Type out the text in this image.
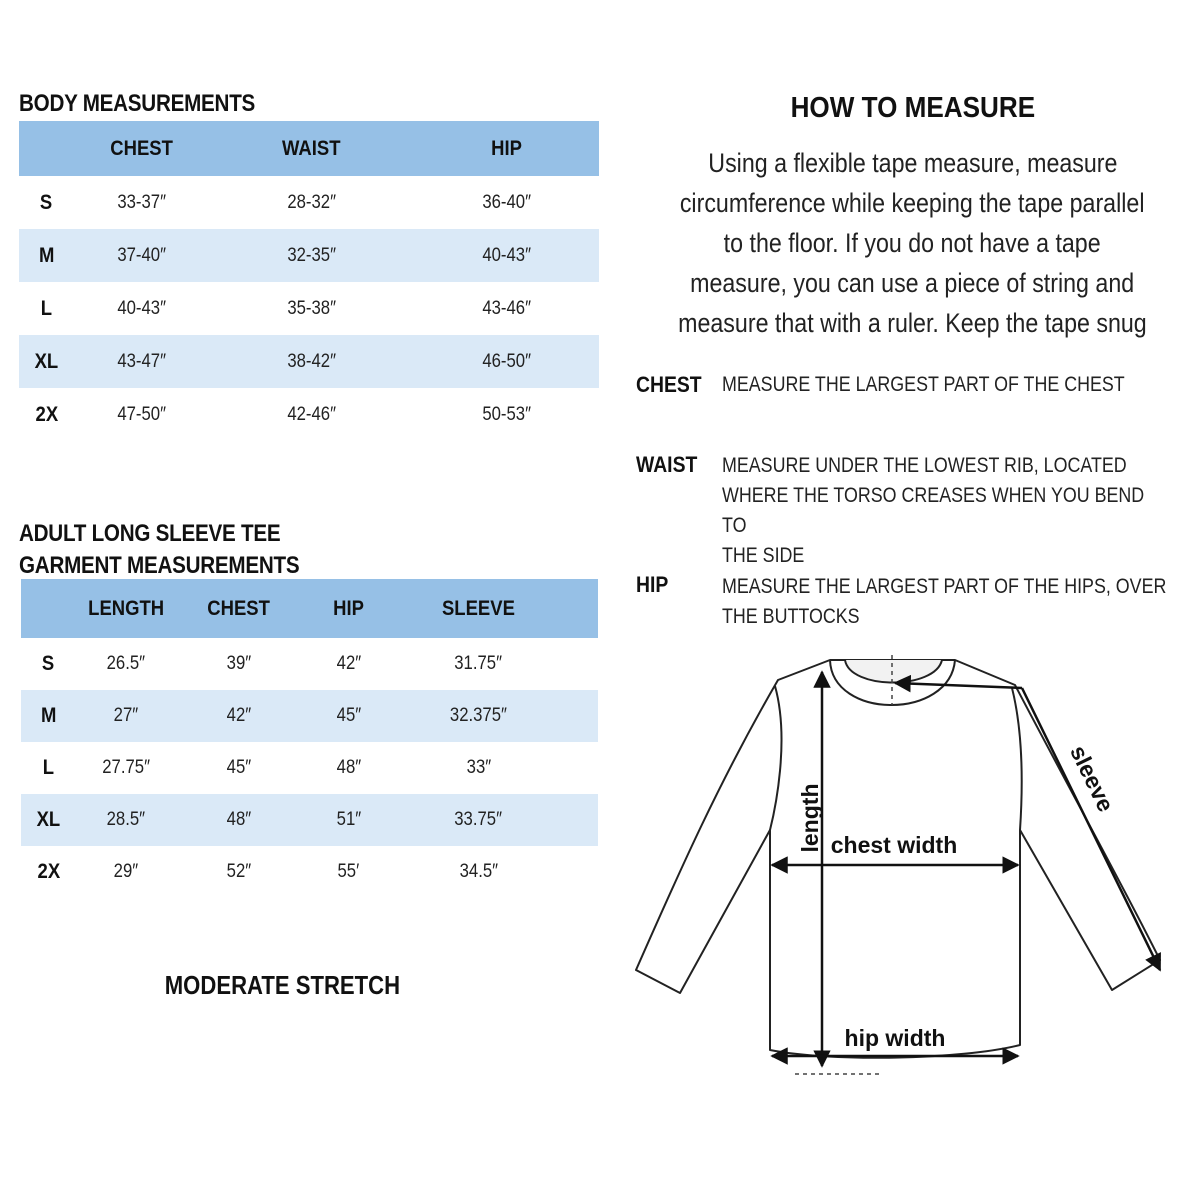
BODY MEASUREMENTS
	CHEST	WAIST	HIP
S	33-37″	28-32″	36-40″
M	37-40″	32-35″	40-43″
L	40-43″	35-38″	43-46″
XL	43-47″	38-42″	46-50″
2X	47-50″	42-46″	50-53″
ADULT LONG SLEEVE TEE
GARMENT MEASUREMENTS
	LENGTH	CHEST	HIP	SLEEVE	
S	26.5″	39″	42″	31.75″	
M	27″	42″	45″	32.375″	
L	27.75″	45″	48″	33″	
XL	28.5″	48″	51″	33.75″	
2X	29″	52″	55′	34.5″	

MODERATE STRETCH

HOW TO MEASURE

Using a flexible tape measure, measure
circumference while keeping the tape parallel
to the floor. If you do not have a tape
measure, you can use a piece of string and
measure that with a ruler. Keep the tape snug

CHEST MEASURE THE LARGEST PART OF THE CHEST
WAIST MEASURE UNDER THE LOWEST RIB, LOCATED
WHERE THE TORSO CREASES WHEN YOU BEND TO
THE SIDE
HIP	MEASURE THE LARGEST PART OF THE HIPS, OVER
THE BUTTOCKS
length chest width
sleeve
hip width
